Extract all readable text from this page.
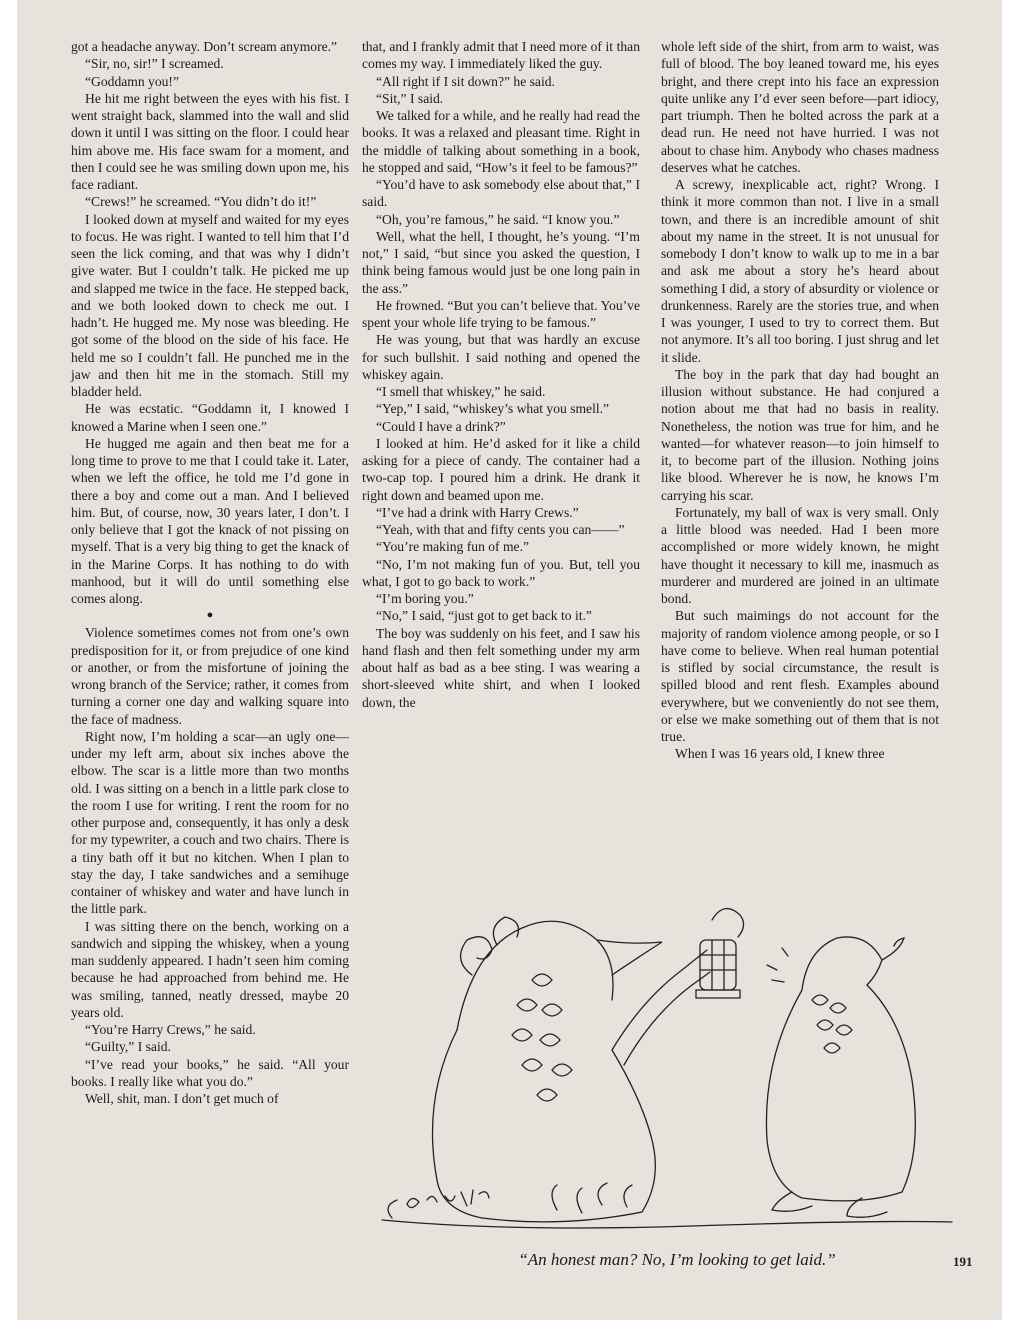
got a headache anyway. Don’t scream anymore.”

“Sir, no, sir!” I screamed.

“Goddamn you!”

He hit me right between the eyes with his fist. I went straight back, slammed into the wall and slid down it until I was sitting on the floor. I could hear him above me. His face swam for a moment, and then I could see he was smiling down upon me, his face radiant.

“Crews!” he screamed. “You didn’t do it!”

I looked down at myself and waited for my eyes to focus. He was right. I wanted to tell him that I’d seen the lick coming, and that was why I didn’t give water. But I couldn’t talk. He picked me up and slapped me twice in the face. He stepped back, and we both looked down to check me out. I hadn’t. He hugged me. My nose was bleeding. He got some of the blood on the side of his face. He held me so I couldn’t fall. He punched me in the jaw and then hit me in the stomach. Still my bladder held.

He was ecstatic. “Goddamn it, I knowed I knowed a Marine when I seen one.”

He hugged me again and then beat me for a long time to prove to me that I could take it. Later, when we left the office, he told me I’d gone in there a boy and come out a man. And I believed him. But, of course, now, 30 years later, I don’t. I only believe that I got the knack of not pissing on myself. That is a very big thing to get the knack of in the Marine Corps. It has nothing to do with manhood, but it will do until something else comes along.

●

Violence sometimes comes not from one’s own predisposition for it, or from prejudice of one kind or another, or from the misfortune of joining the wrong branch of the Service; rather, it comes from turning a corner one day and walking square into the face of madness.

Right now, I’m holding a scar—an ugly one—under my left arm, about six inches above the elbow. The scar is a little more than two months old. I was sitting on a bench in a little park close to the room I use for writing. I rent the room for no other purpose and, consequently, it has only a desk for my typewriter, a couch and two chairs. There is a tiny bath off it but no kitchen. When I plan to stay the day, I take sandwiches and a semihuge container of whiskey and water and have lunch in the little park.

I was sitting there on the bench, working on a sandwich and sipping the whiskey, when a young man suddenly appeared. I hadn’t seen him coming because he had approached from behind me. He was smiling, tanned, neatly dressed, maybe 20 years old.

“You’re Harry Crews,” he said.

“Guilty,” I said.

“I’ve read your books,” he said. “All your books. I really like what you do.”

Well, shit, man. I don’t get much of

that, and I frankly admit that I need more of it than comes my way. I immediately liked the guy.

“All right if I sit down?” he said.

“Sit,” I said.

We talked for a while, and he really had read the books. It was a relaxed and pleasant time. Right in the middle of talking about something in a book, he stopped and said, “How’s it feel to be famous?”

“You’d have to ask somebody else about that,” I said.

“Oh, you’re famous,” he said. “I know you.”

Well, what the hell, I thought, he’s young. “I’m not,” I said, “but since you asked the question, I think being famous would just be one long pain in the ass.”

He frowned. “But you can’t believe that. You’ve spent your whole life trying to be famous.”

He was young, but that was hardly an excuse for such bullshit. I said nothing and opened the whiskey again.

“I smell that whiskey,” he said.

“Yep,” I said, “whiskey’s what you smell.”

“Could I have a drink?”

I looked at him. He’d asked for it like a child asking for a piece of candy. The container had a two-cap top. I poured him a drink. He drank it right down and beamed upon me.

“I’ve had a drink with Harry Crews.”

“Yeah, with that and fifty cents you can——”

“You’re making fun of me.”

“No, I’m not making fun of you. But, tell you what, I got to go back to work.”

“I’m boring you.”

“No,” I said, “just got to get back to it.”

The boy was suddenly on his feet, and I saw his hand flash and then felt something under my arm about half as bad as a bee sting. I was wearing a short-sleeved white shirt, and when I looked down, the

whole left side of the shirt, from arm to waist, was full of blood. The boy leaned toward me, his eyes bright, and there crept into his face an expression quite unlike any I’d ever seen before—part idiocy, part triumph. Then he bolted across the park at a dead run. He need not have hurried. I was not about to chase him. Anybody who chases madness deserves what he catches.

A screwy, inexplicable act, right? Wrong. I think it more common than not. I live in a small town, and there is an incredible amount of shit about my name in the street. It is not unusual for somebody I don’t know to walk up to me in a bar and ask me about a story he’s heard about something I did, a story of absurdity or violence or drunkenness. Rarely are the stories true, and when I was younger, I used to try to correct them. But not anymore. It’s all too boring. I just shrug and let it slide.

The boy in the park that day had bought an illusion without substance. He had conjured a notion about me that had no basis in reality. Nonetheless, the notion was true for him, and he wanted—for whatever reason—to join himself to it, to become part of the illusion. Nothing joins like blood. Wherever he is now, he knows I’m carrying his scar.

Fortunately, my ball of wax is very small. Only a little blood was needed. Had I been more accomplished or more widely known, he might have thought it necessary to kill me, inasmuch as murderer and murdered are joined in an ultimate bond.

But such maimings do not account for the majority of random violence among people, or so I have come to believe. When real human potential is stifled by social circumstance, the result is spilled blood and rent flesh. Examples abound everywhere, but we conveniently do not see them, or else we make something out of them that is not true.

When I was 16 years old, I knew three

“An honest man? No, I’m looking to get laid.”	191
